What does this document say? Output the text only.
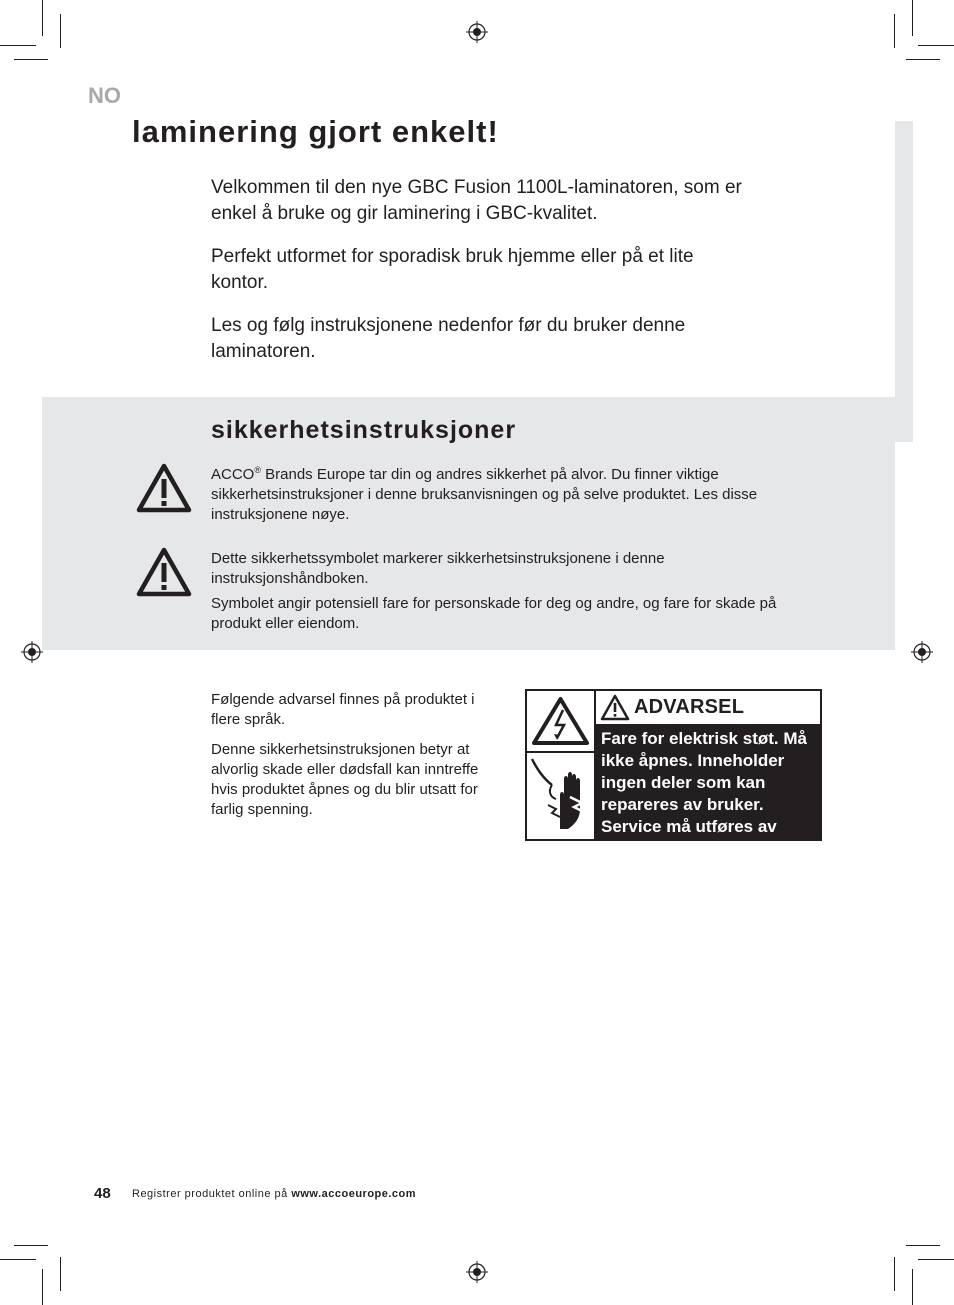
NO
laminering gjort enkelt!

Velkommen til den nye GBC Fusion 1100L-laminatoren, som er enkel å bruke og gir laminering i GBC-kvalitet.

Perfekt utformet for sporadisk bruk hjemme eller på et lite kontor.

Les og følg instruksjonene nedenfor før du bruker denne laminatoren.

sikkerhetsinstruksjoner
ACCO® Brands Europe tar din og andres sikkerhet på alvor. Du finner viktige sikkerhetsinstruksjoner i denne bruksanvisningen og på selve produktet. Les disse instruksjonene nøye.
Dette sikkerhetssymbolet markerer sikkerhetsinstruksjonene i denne instruksjonshåndboken.
Symbolet angir potensiell fare for personskade for deg og andre, og fare for skade på produkt eller eiendom.

Følgende advarsel finnes på produktet i flere språk.

Denne sikkerhetsinstruksjonen betyr at alvorlig skade eller dødsfall kan inntreffe hvis produktet åpnes og du blir utsatt for farlig spenning.

ADVARSEL
Fare for elektrisk støt. Må ikke åpnes. Inneholder ingen deler som kan repareres av bruker. Service må utføres av kvalifisert personell.
48 Registrer produktet online på www.accoeurope.com
